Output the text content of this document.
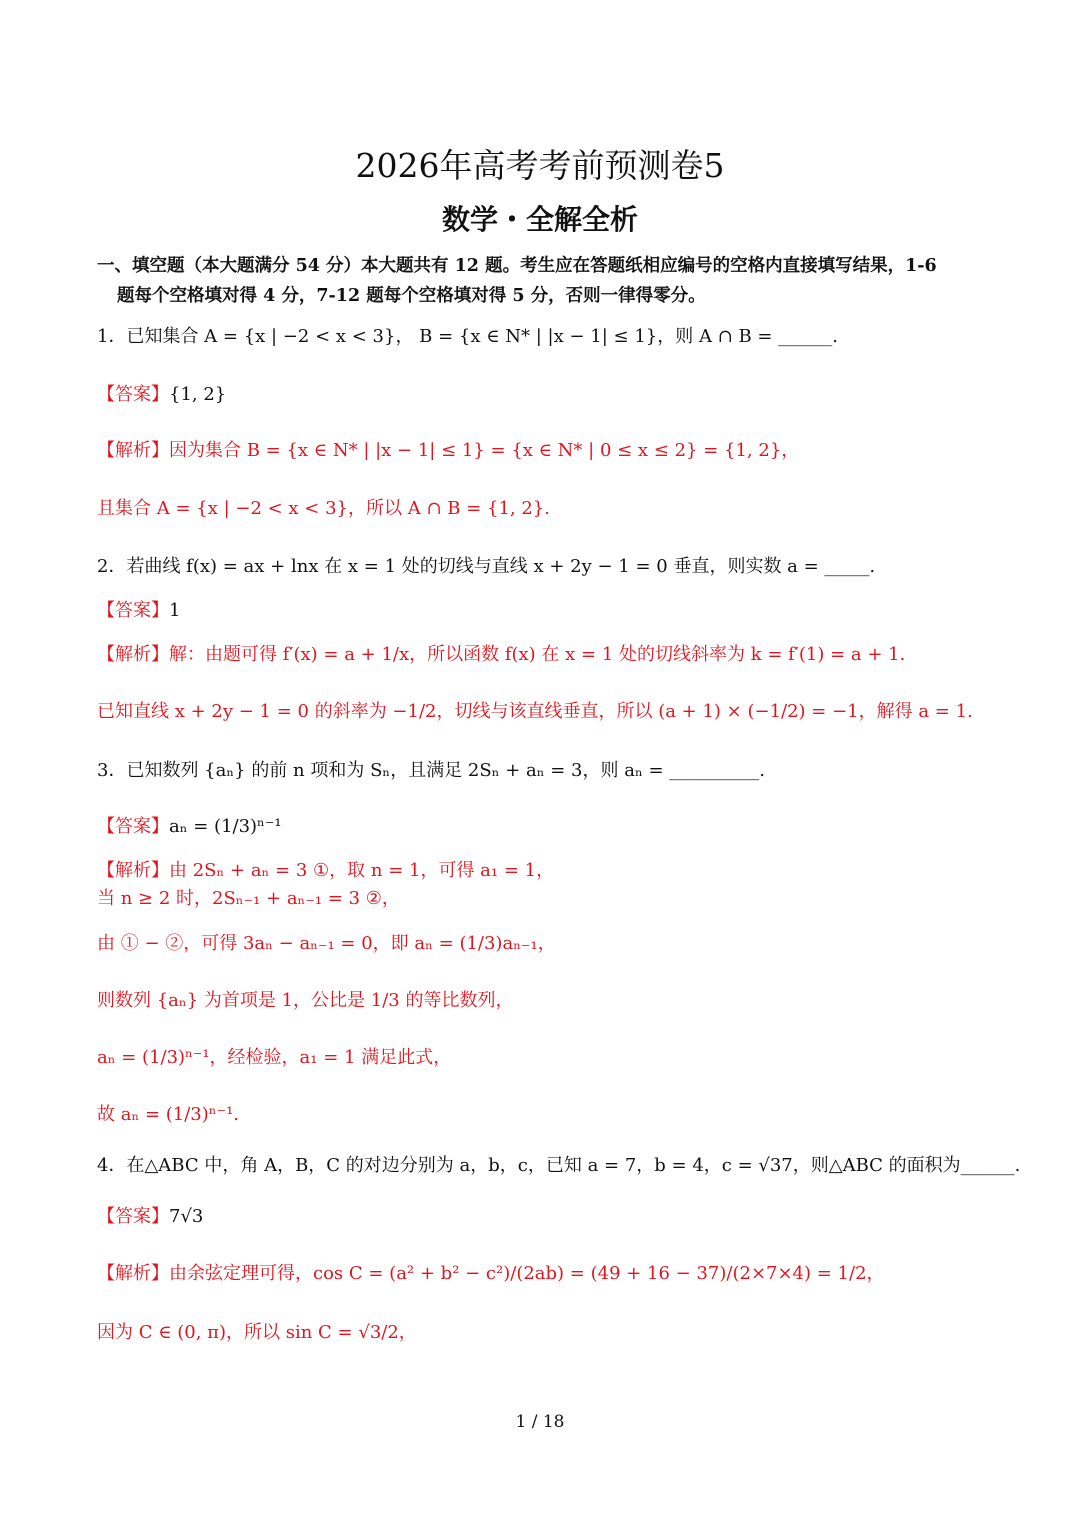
2026年高考考前预测卷5
数学・全解全析
一、填空题（本大题满分 54 分）本大题共有 12 题。考生应在答题纸相应编号的空格内直接填写结果，1-6
题每个空格填对得 4 分，7-12 题每个空格填对得 5 分，否则一律得零分。
1．已知集合 A = {x | −2 < x < 3}， B = {x ∈ N* | |x − 1| ≤ 1}，则 A ∩ B = ______.
【答案】{1, 2}
【解析】因为集合 B = {x ∈ N* | |x − 1| ≤ 1} = {x ∈ N* | 0 ≤ x ≤ 2} = {1, 2}，
且集合 A = {x | −2 < x < 3}，所以 A ∩ B = {1, 2}.
2．若曲线 f(x) = ax + lnx 在 x = 1 处的切线与直线 x + 2y − 1 = 0 垂直，则实数 a = _____.
【答案】1
【解析】解：由题可得 f′(x) = a + 1/x，所以函数 f(x) 在 x = 1 处的切线斜率为 k = f′(1) = a + 1.
已知直线 x + 2y − 1 = 0 的斜率为 −1/2，切线与该直线垂直，所以 (a + 1) × (−1/2) = −1，解得 a = 1.
3．已知数列 {aₙ} 的前 n 项和为 Sₙ，且满足 2Sₙ + aₙ = 3，则 aₙ = __________.
【答案】aₙ = (1/3)ⁿ⁻¹
【解析】由 2Sₙ + aₙ = 3 ①，取 n = 1，可得 a₁ = 1，
当 n ≥ 2 时，2Sₙ₋₁ + aₙ₋₁ = 3 ②，
由 ① − ②，可得 3aₙ − aₙ₋₁ = 0，即 aₙ = (1/3)aₙ₋₁，
则数列 {aₙ} 为首项是 1，公比是 1/3 的等比数列，
aₙ = (1/3)ⁿ⁻¹，经检验，a₁ = 1 满足此式，
故 aₙ = (1/3)ⁿ⁻¹.
4．在△ABC 中，角 A，B，C 的对边分别为 a，b，c，已知 a = 7，b = 4，c = √37，则△ABC 的面积为______.
【答案】7√3
【解析】由余弦定理可得，cos C = (a² + b² − c²)/(2ab) = (49 + 16 − 37)/(2×7×4) = 1/2，
因为 C ∈ (0, π)，所以 sin C = √3/2，
1 / 18
